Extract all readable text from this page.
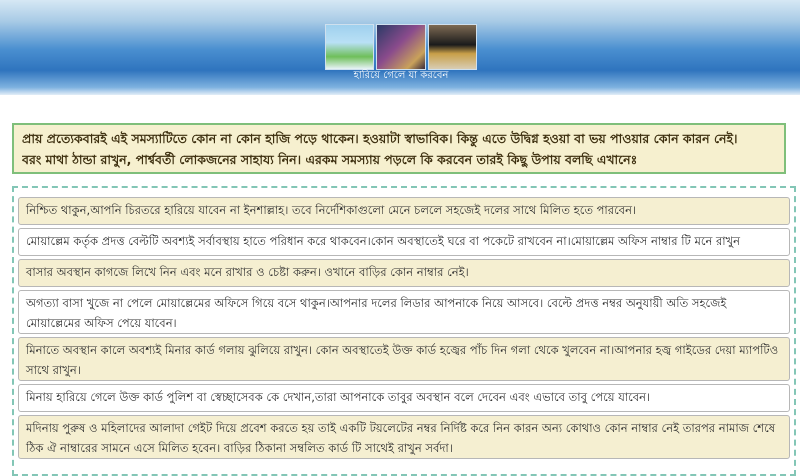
হারিয়ে গেলে যা করবেন

প্রায় প্রত্যেকবারই এই সমস্যাটিতে কোন না কোন হাজি পড়ে থাকেন। হওয়াটা স্বাভাবিক। কিন্তু এতে উদ্বিগ্ন হওয়া বা ভয় পাওয়ার কোন কারন নেই।

বরং মাথা ঠান্ডা রাখুন, পার্শ্ববর্তী লোকজনের সাহায্য নিন। এরকম সমস্যায় পড়লে কি করবেন তারই কিছু উপায় বলছি এখানেঃ

নিশ্চিত থাকুন,আপনি চিরতরে হারিয়ে যাবেন না ইনশাল্লাহ। তবে নির্দেশিকাগুলো মেনে চললে সহজেই দলের সাথে মিলিত হতে পারবেন।
মোয়াল্লেম কর্তৃক প্রদত্ত বেল্টটি অবশ্যই সর্বাবস্থায় হাতে পরিধান করে থাকবেন।কোন অবস্থাতেই ঘরে বা পকেটে রাখবেন না।মোয়াল্লেম অফিস নাম্বার টি মনে রাখুন
বাসার অবস্থান কাগজে লিখে নিন এবং মনে রাখার ও চেষ্টা করুন। ওখানে বাড়ির কোন নাম্বার নেই।
অগত্যা বাসা খুজে না পেলে মোয়াল্লেমের অফিসে গিয়ে বসে থাকুন।আপনার দলের লিডার আপনাকে নিয়ে আসবে। বেল্টে প্রদত্ত নম্বর অনুযায়ী অতি সহজেই মোয়াল্লেমের অফিস পেয়ে যাবেন।
মিনাতে অবস্থান কালে অবশ্যই মিনার কার্ড গলায় ঝুলিয়ে রাখুন। কোন অবস্থাতেই উক্ত কার্ড হজ্বের পাঁচ দিন গলা থেকে খুলবেন না।আপনার হজ্ব গাইডের দেয়া ম্যাপটিও সাথে রাখুন।
মিনায় হারিয়ে গেলে উক্ত কার্ড পুলিশ বা স্বেচ্ছাসেবক কে দেখান,তারা আপনাকে তাবুর অবস্থান বলে দেবেন এবং এভাবে তাবু পেয়ে যাবেন।
মদিনায় পুরুষ ও মহিলাদের আলাদা গেইট দিয়ে প্রবেশ করতে হয় তাই একটি টয়লেটের নম্বর নির্দিষ্ট করে নিন কারন অন্য কোথাও কোন নাম্বার নেই তারপর নামাজ শেষে ঠিক ঐ নাম্বারের সামনে এসে মিলিত হবেন। বাড়ির ঠিকানা সম্বলিত কার্ড টি সাথেই রাখুন সর্বদা।
